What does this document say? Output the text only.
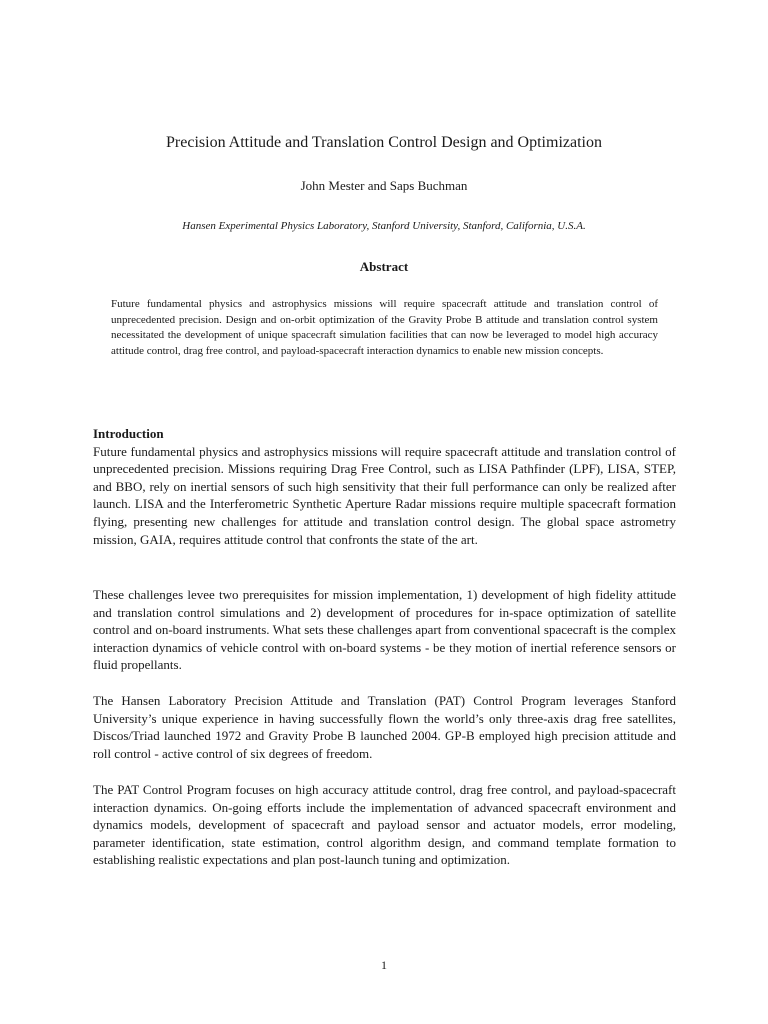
Precision Attitude and Translation Control Design and Optimization

John Mester and Saps Buchman

Hansen Experimental Physics Laboratory, Stanford University, Stanford, California, U.S.A.

Abstract

Future fundamental physics and astrophysics missions will require spacecraft attitude and translation control of unprecedented precision. Design and on-orbit optimization of the Gravity Probe B attitude and translation control system necessitated the development of unique spacecraft simulation facilities that can now be leveraged to model high accuracy attitude control, drag free control, and payload-spacecraft interaction dynamics to enable new mission concepts.

Introduction
Future fundamental physics and astrophysics missions will require spacecraft attitude and translation control of unprecedented precision. Missions requiring Drag Free Control, such as LISA Pathfinder (LPF), LISA, STEP, and BBO, rely on inertial sensors of such high sensitivity that their full performance can only be realized after launch. LISA and the Interferometric Synthetic Aperture Radar missions require multiple spacecraft formation flying, presenting new challenges for attitude and translation control design. The global space astrometry mission, GAIA, requires attitude control that confronts the state of the art.

These challenges levee two prerequisites for mission implementation, 1) development of high fidelity attitude and translation control simulations and 2) development of procedures for in-space optimization of satellite control and on-board instruments. What sets these challenges apart from conventional spacecraft is the complex interaction dynamics of vehicle control with on-board systems - be they motion of inertial reference sensors or fluid propellants.

The Hansen Laboratory Precision Attitude and Translation (PAT) Control Program leverages Stanford University’s unique experience in having successfully flown the world’s only three-axis drag free satellites, Discos/Triad launched 1972 and Gravity Probe B launched 2004. GP-B employed high precision attitude and roll control - active control of six degrees of freedom.

The PAT Control Program focuses on high accuracy attitude control, drag free control, and payload-spacecraft interaction dynamics. On-going efforts include the implementation of advanced spacecraft environment and dynamics models, development of spacecraft and payload sensor and actuator models, error modeling, parameter identification, state estimation, control algorithm design, and command template formation to establishing realistic expectations and plan post-launch tuning and optimization.

1
